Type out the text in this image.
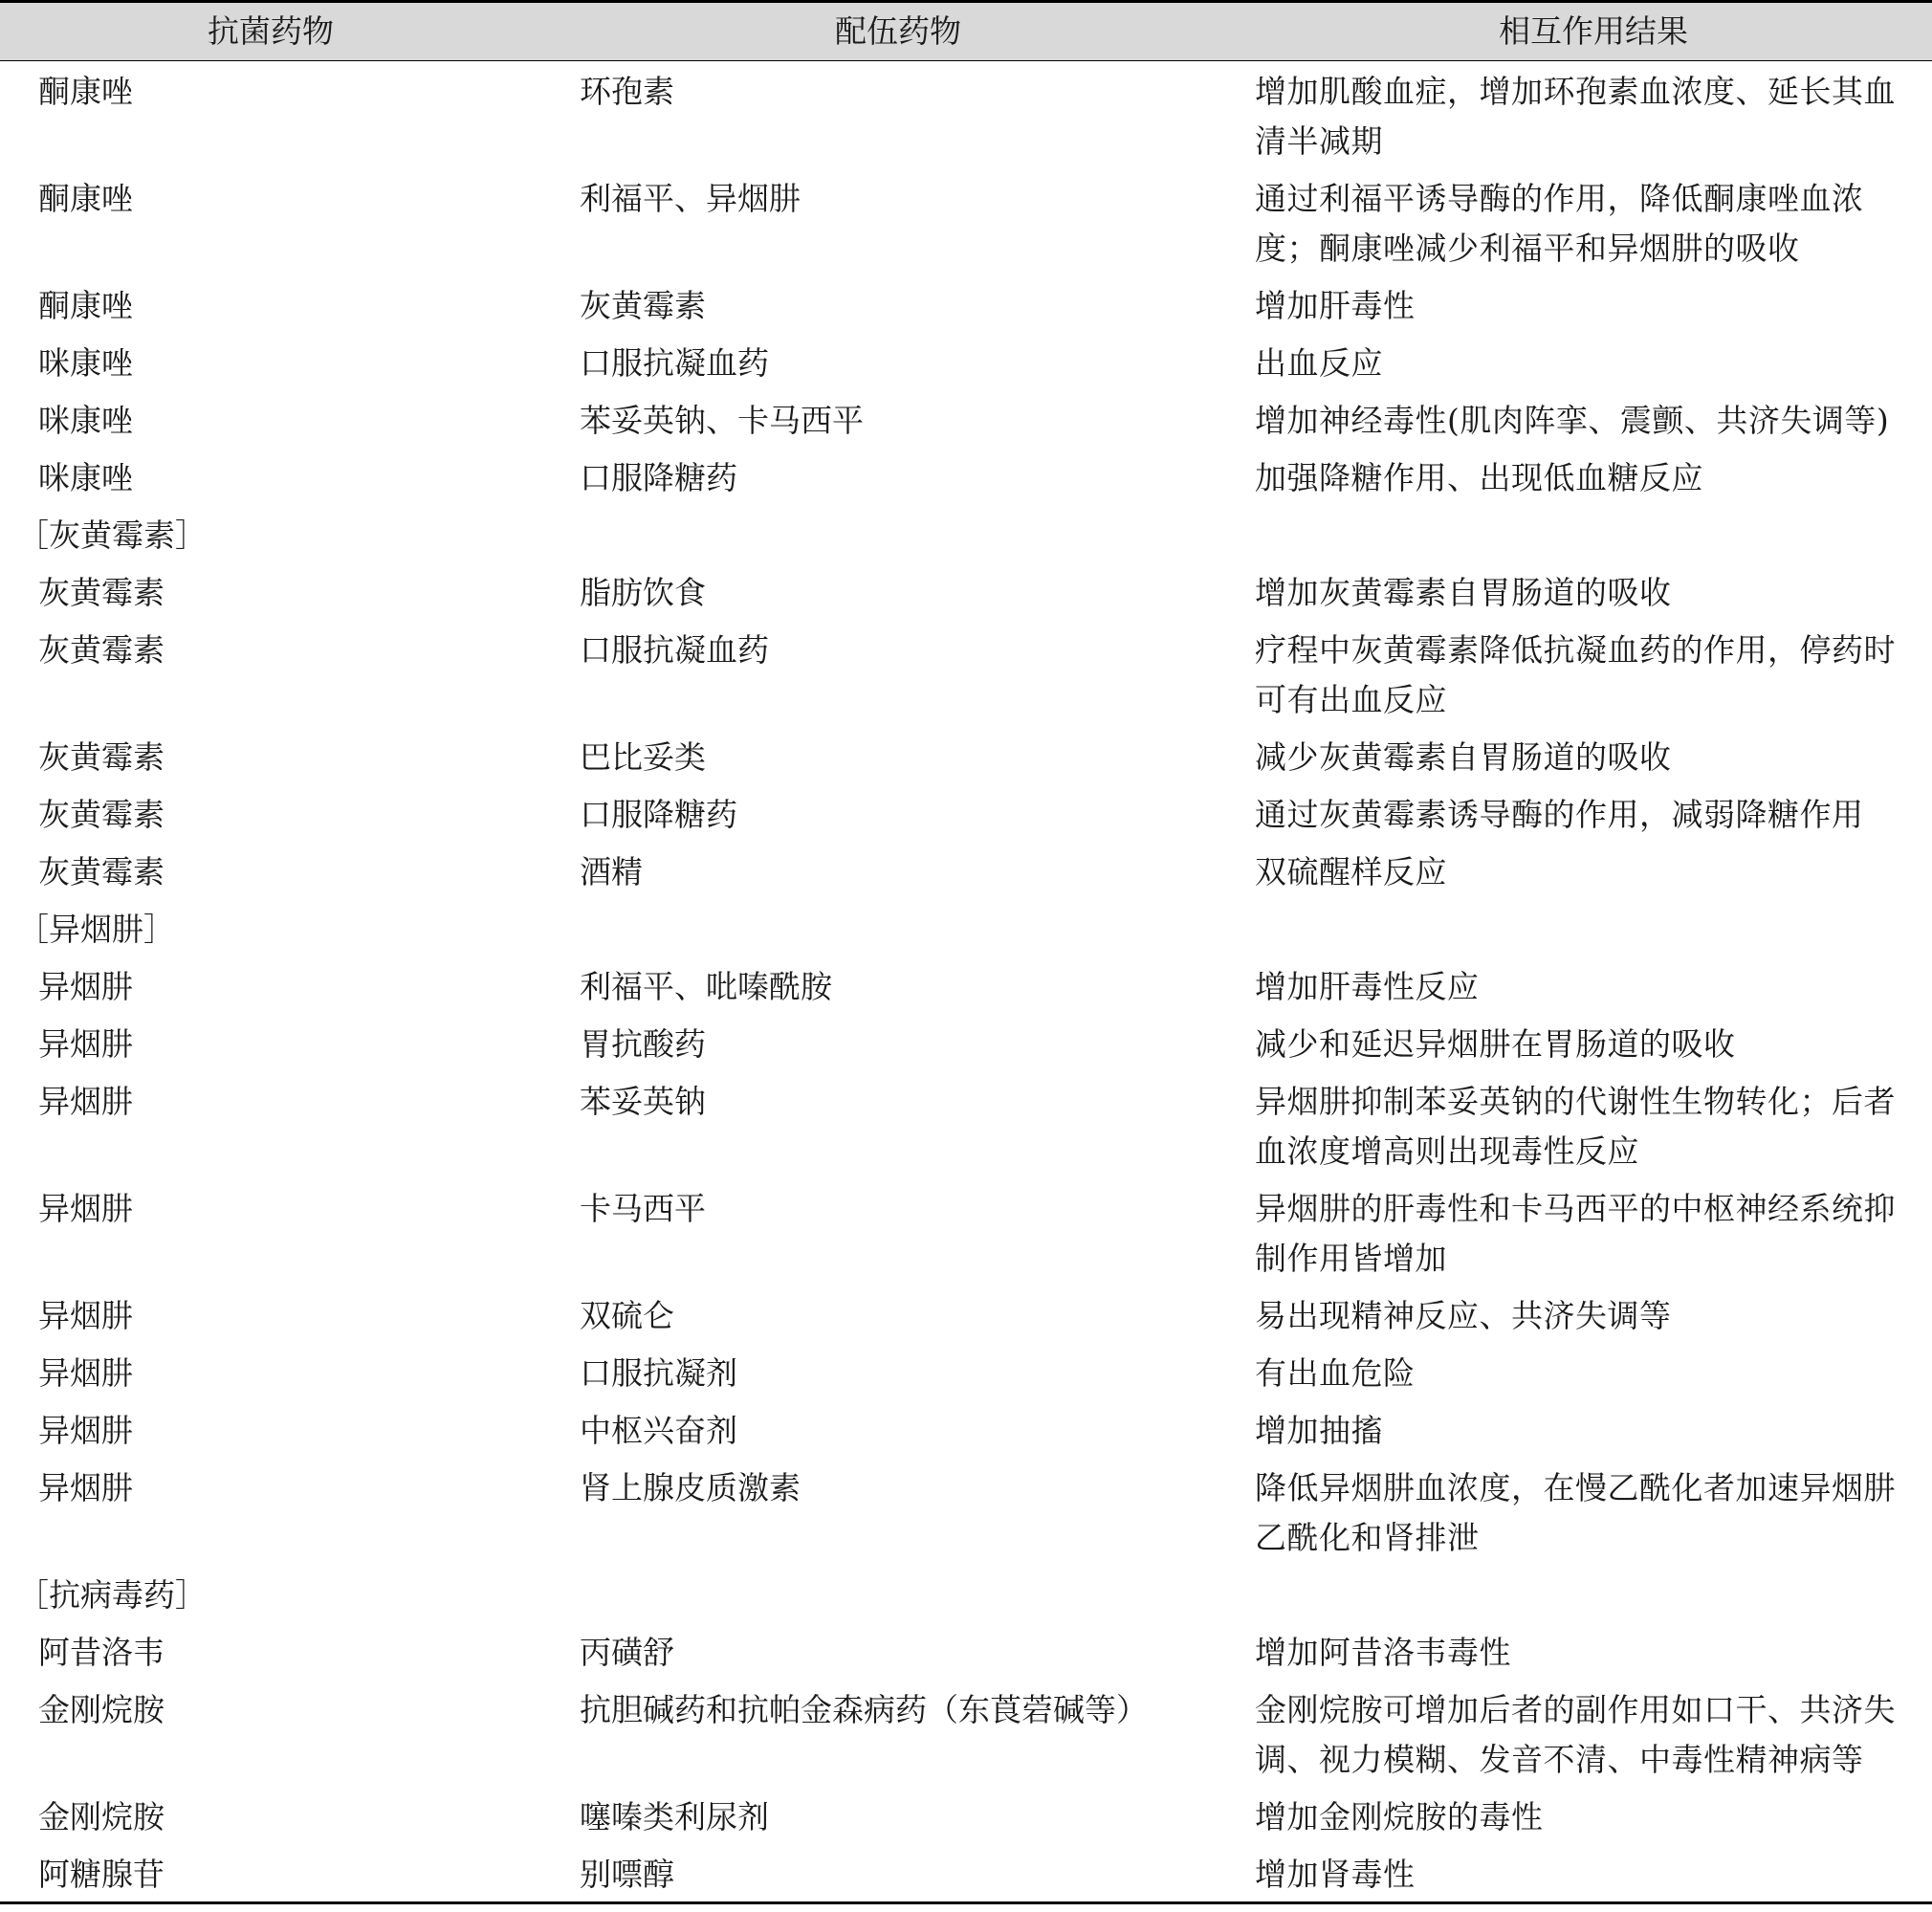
抗菌药物	配伍药物	相互作用结果
酮康唑	环孢素	增加肌酸血症，增加环孢素血浓度、延长其血清半减期
酮康唑	利福平、异烟肼	通过利福平诱导酶的作用，降低酮康唑血浓度；酮康唑减少利福平和异烟肼的吸收
酮康唑	灰黄霉素	增加肝毒性
咪康唑	口服抗凝血药	出血反应
咪康唑	苯妥英钠、卡马西平	增加神经毒性(肌肉阵挛、震颤、共济失调等)
咪康唑	口服降糖药	加强降糖作用、出现低血糖反应
［灰黄霉素］		
灰黄霉素	脂肪饮食	增加灰黄霉素自胃肠道的吸收
灰黄霉素	口服抗凝血药	疗程中灰黄霉素降低抗凝血药的作用，停药时可有出血反应
灰黄霉素	巴比妥类	减少灰黄霉素自胃肠道的吸收
灰黄霉素	口服降糖药	通过灰黄霉素诱导酶的作用，减弱降糖作用
灰黄霉素	酒精	双硫醒样反应
［异烟肼］		
异烟肼	利福平、吡嗪酰胺	增加肝毒性反应
异烟肼	胃抗酸药	减少和延迟异烟肼在胃肠道的吸收
异烟肼	苯妥英钠	异烟肼抑制苯妥英钠的代谢性生物转化；后者血浓度增高则出现毒性反应
异烟肼	卡马西平	异烟肼的肝毒性和卡马西平的中枢神经系统抑制作用皆增加
异烟肼	双硫仑	易出现精神反应、共济失调等
异烟肼	口服抗凝剂	有出血危险
异烟肼	中枢兴奋剂	增加抽搐
异烟肼	肾上腺皮质激素	降低异烟肼血浓度，在慢乙酰化者加速异烟肼乙酰化和肾排泄
［抗病毒药］		
阿昔洛韦	丙磺舒	增加阿昔洛韦毒性
金刚烷胺	抗胆碱药和抗帕金森病药（东莨菪碱等）	金刚烷胺可增加后者的副作用如口干、共济失调、视力模糊、发音不清、中毒性精神病等
金刚烷胺	噻嗪类利尿剂	增加金刚烷胺的毒性
阿糖腺苷	别嘌醇	增加肾毒性
